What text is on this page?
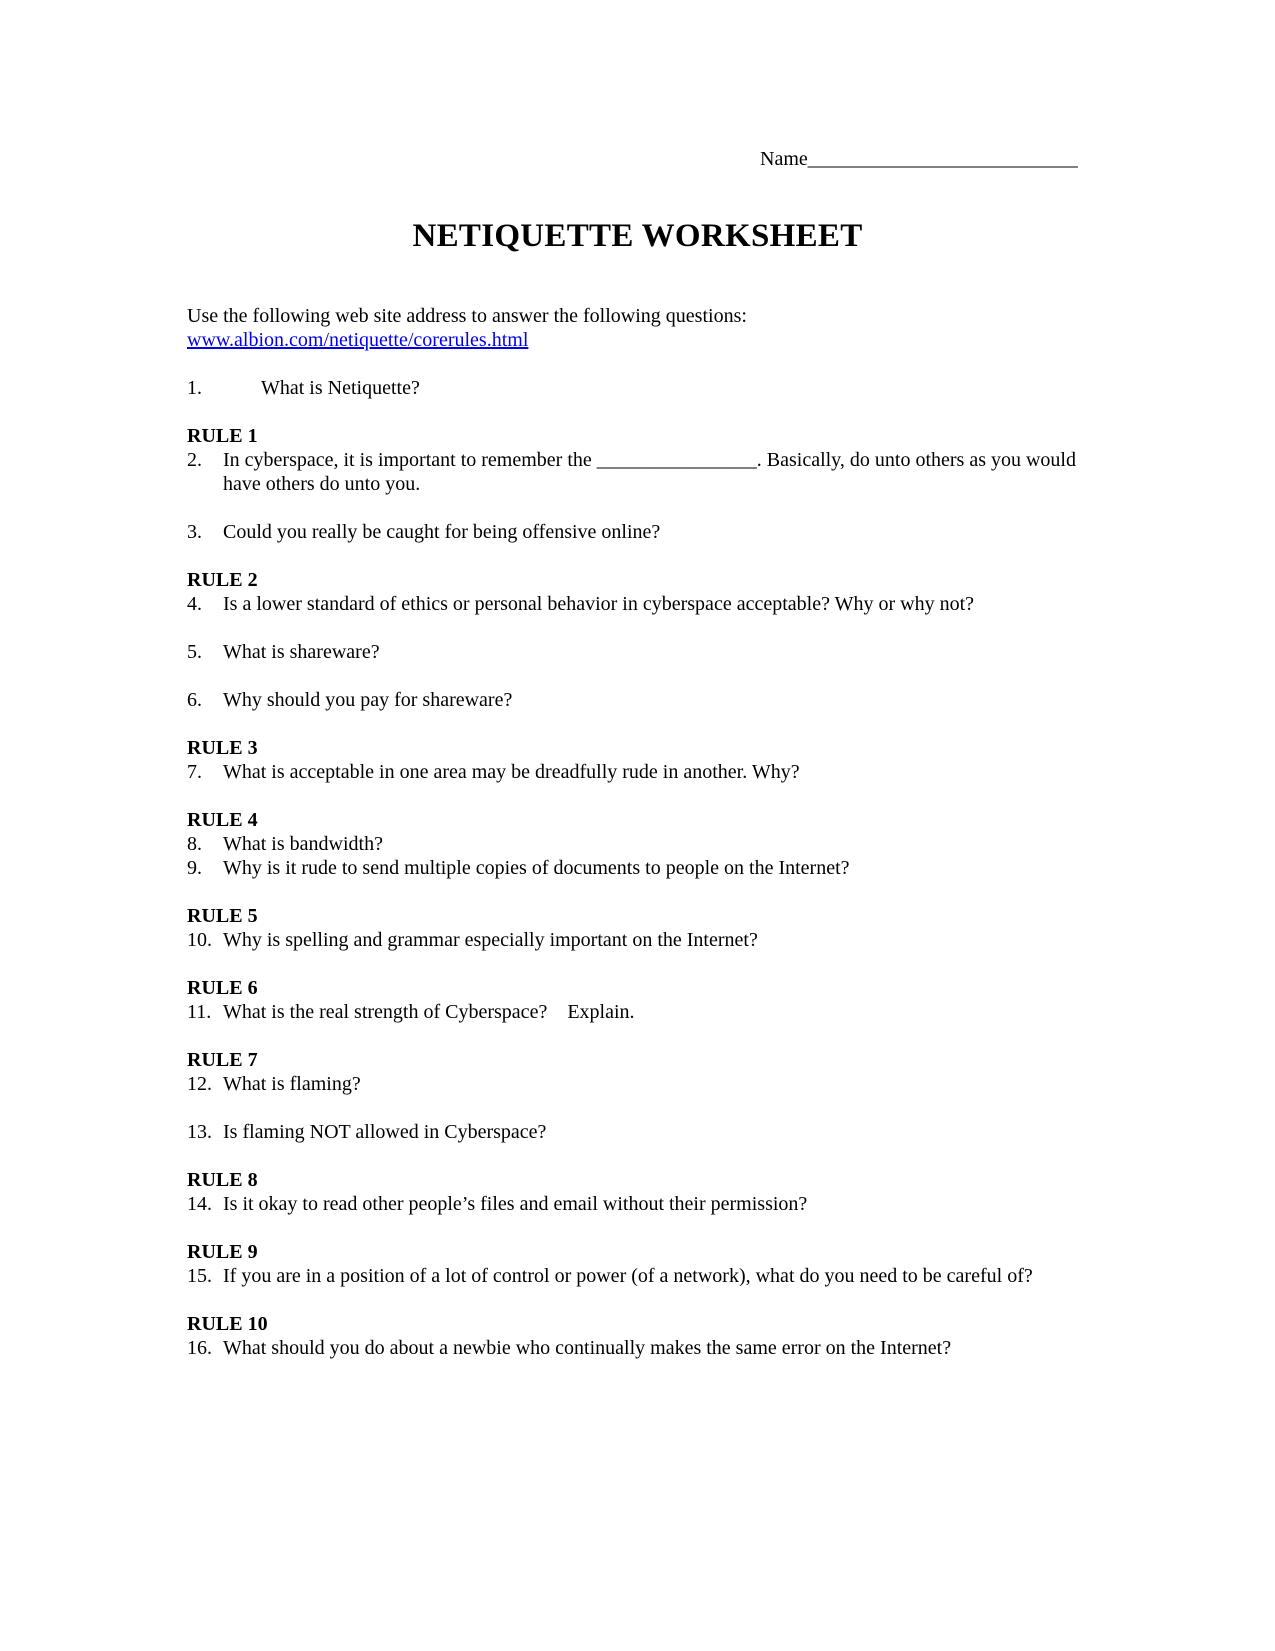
Name___________________________
NETIQUETTE WORKSHEET
Use the following web site address to answer the following questions:
www.albion.com/netiquette/corerules.html
1.	What is Netiquette?
RULE 1
2.	In cyberspace, it is important to remember the ________________. Basically, do unto others as you would have others do unto you.
3.	Could you really be caught for being offensive online?
RULE 2
4.	Is a lower standard of ethics or personal behavior in cyberspace acceptable? Why or why not?
5.	What is shareware?
6.	Why should you pay for shareware?
RULE 3
7.	What is acceptable in one area may be dreadfully rude in another. Why?
RULE 4
8.	What is bandwidth?
9.	Why is it rude to send multiple copies of documents to people on the Internet?
RULE 5
10. Why is spelling and grammar especially important on the Internet?
RULE 6
11. What is the real strength of Cyberspace?    Explain.
RULE 7
12. What is flaming?
13. Is flaming NOT allowed in Cyberspace?
RULE 8
14. Is it okay to read other people’s files and email without their permission?
RULE 9
15. If you are in a position of a lot of control or power (of a network), what do you need to be careful of?
RULE 10
16. What should you do about a newbie who continually makes the same error on the Internet?
